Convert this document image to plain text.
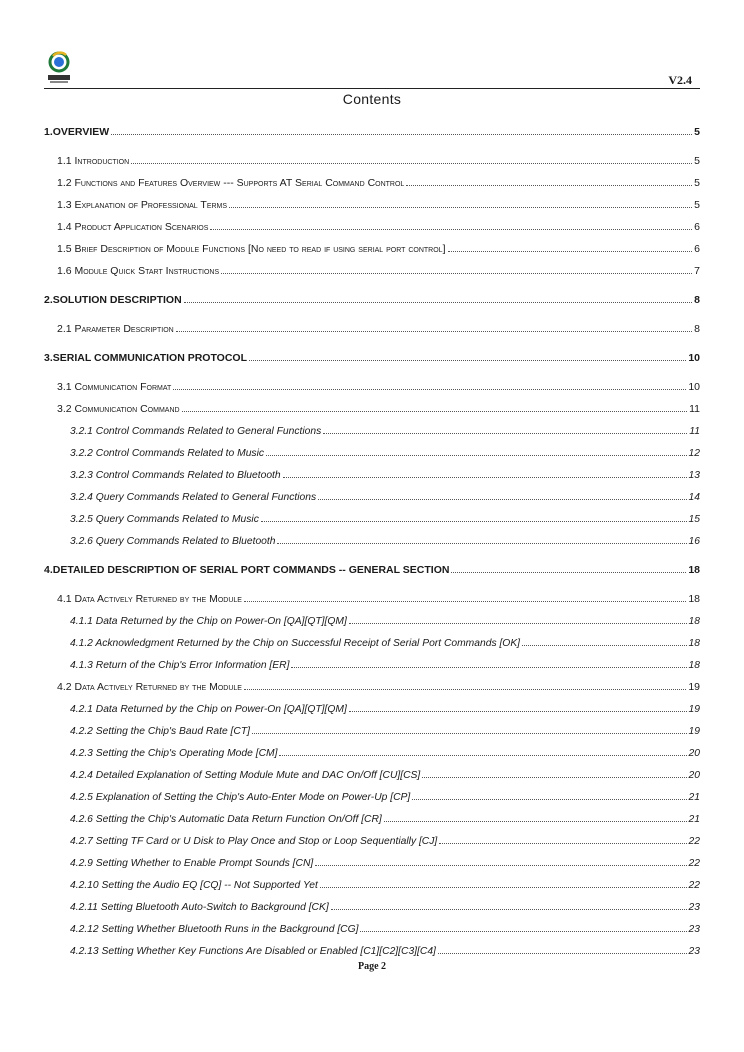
V2.4
Contents
1.OVERVIEW	5
1.1 Introduction	5
1.2 Functions and Features Overview --- Supports AT Serial Command Control	5
1.3 Explanation of Professional Terms	5
1.4 Product Application Scenarios	6
1.5 Brief Description of Module Functions [No need to read if using serial port control]	6
1.6 Module Quick Start Instructions	7
2.SOLUTION DESCRIPTION	8
2.1 Parameter Description	8
3.SERIAL COMMUNICATION PROTOCOL	10
3.1 Communication Format	10
3.2 Communication Command	11
3.2.1 Control Commands Related to General Functions	11
3.2.2 Control Commands Related to Music	12
3.2.3 Control Commands Related to Bluetooth	13
3.2.4 Query Commands Related to General Functions	14
3.2.5 Query Commands Related to Music	15
3.2.6 Query Commands Related to Bluetooth	16
4.DETAILED DESCRIPTION OF SERIAL PORT COMMANDS -- GENERAL SECTION	18
4.1 Data Actively Returned by the Module	18
4.1.1 Data Returned by the Chip on Power-On [QA][QT][QM]	18
4.1.2 Acknowledgment Returned by the Chip on Successful Receipt of Serial Port Commands [OK]	18
4.1.3 Return of the Chip's Error Information [ER]	18
4.2 Data Actively Returned by the Module	19
4.2.1 Data Returned by the Chip on Power-On [QA][QT][QM]	19
4.2.2 Setting the Chip's Baud Rate [CT]	19
4.2.3 Setting the Chip's Operating Mode [CM]	20
4.2.4 Detailed Explanation of Setting Module Mute and DAC On/Off [CU][CS]	20
4.2.5 Explanation of Setting the Chip's Auto-Enter Mode on Power-Up [CP]	21
4.2.6 Setting the Chip's Automatic Data Return Function On/Off [CR]	21
4.2.7 Setting TF Card or U Disk to Play Once and Stop or Loop Sequentially [CJ]	22
4.2.9 Setting Whether to Enable Prompt Sounds [CN]	22
4.2.10 Setting the Audio EQ [CQ] -- Not Supported Yet	22
4.2.11 Setting Bluetooth Auto-Switch to Background [CK]	23
4.2.12 Setting Whether Bluetooth Runs in the Background [CG]	23
4.2.13 Setting Whether Key Functions Are Disabled or Enabled [C1][C2][C3][C4]	23
Page 2
